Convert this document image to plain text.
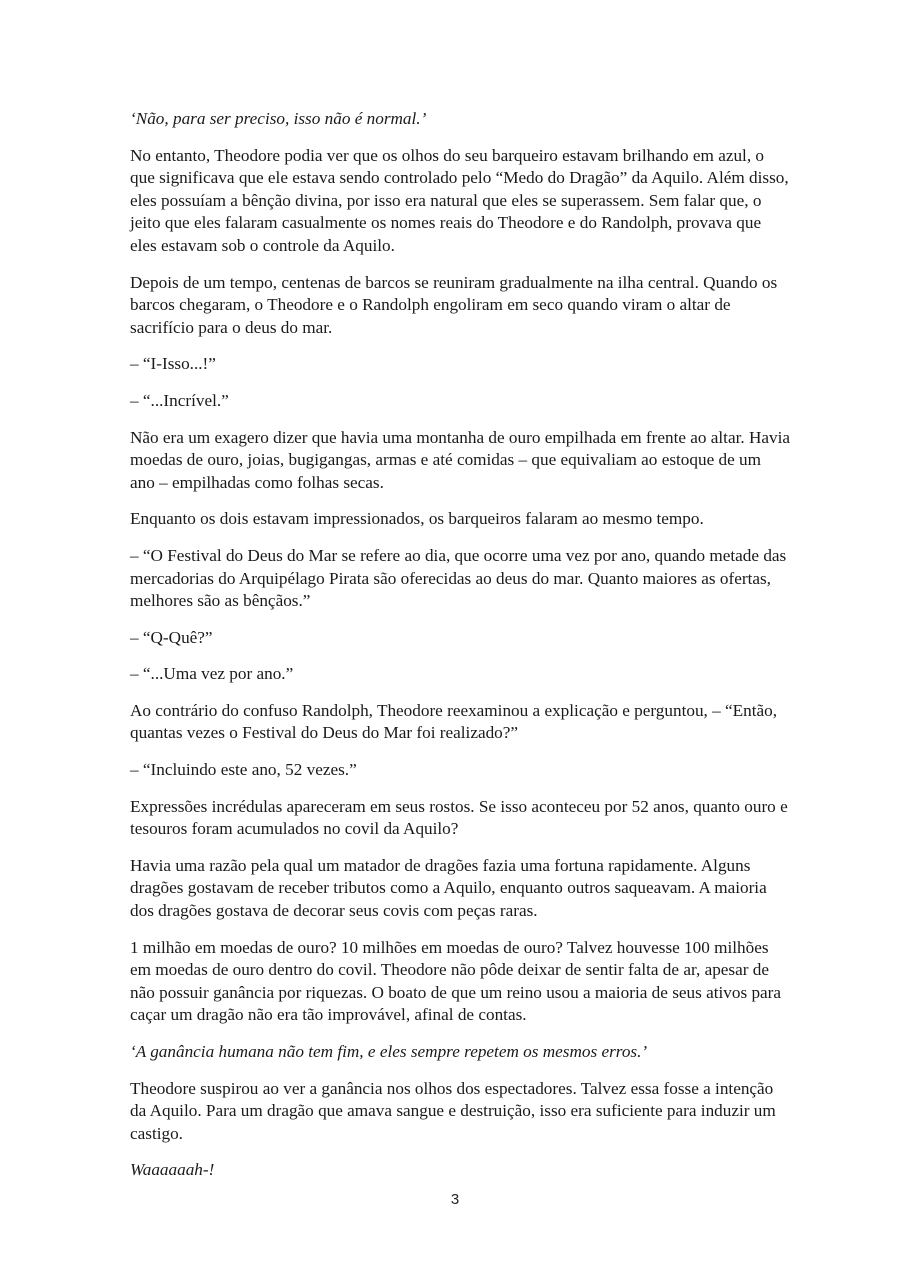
‘Não, para ser preciso, isso não é normal.’

No entanto, Theodore podia ver que os olhos do seu barqueiro estavam brilhando em azul, o que significava que ele estava sendo controlado pelo “Medo do Dragão” da Aquilo. Além disso, eles possuíam a bênção divina, por isso era natural que eles se superassem. Sem falar que, o jeito que eles falaram casualmente os nomes reais do Theodore e do Randolph, provava que eles estavam sob o controle da Aquilo.

Depois de um tempo, centenas de barcos se reuniram gradualmente na ilha central. Quando os barcos chegaram, o Theodore e o Randolph engoliram em seco quando viram o altar de sacrifício para o deus do mar.

– “I-Isso...!”

– “...Incrível.”

Não era um exagero dizer que havia uma montanha de ouro empilhada em frente ao altar. Havia moedas de ouro, joias, bugigangas, armas e até comidas – que equivaliam ao estoque de um ano – empilhadas como folhas secas.

Enquanto os dois estavam impressionados, os barqueiros falaram ao mesmo tempo.

– “O Festival do Deus do Mar se refere ao dia, que ocorre uma vez por ano, quando metade das mercadorias do Arquipélago Pirata são oferecidas ao deus do mar. Quanto maiores as ofertas, melhores são as bênçãos.”

– “Q-Quê?”

– “...Uma vez por ano.”

Ao contrário do confuso Randolph, Theodore reexaminou a explicação e perguntou, – “Então, quantas vezes o Festival do Deus do Mar foi realizado?”

– “Incluindo este ano, 52 vezes.”

Expressões incrédulas apareceram em seus rostos. Se isso aconteceu por 52 anos, quanto ouro e tesouros foram acumulados no covil da Aquilo?

Havia uma razão pela qual um matador de dragões fazia uma fortuna rapidamente. Alguns dragões gostavam de receber tributos como a Aquilo, enquanto outros saqueavam. A maioria dos dragões gostava de decorar seus covis com peças raras.

1 milhão em moedas de ouro? 10 milhões em moedas de ouro? Talvez houvesse 100 milhões em moedas de ouro dentro do covil. Theodore não pôde deixar de sentir falta de ar, apesar de não possuir ganância por riquezas. O boato de que um reino usou a maioria de seus ativos para caçar um dragão não era tão improvável, afinal de contas.

‘A ganância humana não tem fim, e eles sempre repetem os mesmos erros.’

Theodore suspirou ao ver a ganância nos olhos dos espectadores. Talvez essa fosse a intenção da Aquilo. Para um dragão que amava sangue e destruição, isso era suficiente para induzir um castigo.

Waaaaaah-!

3
